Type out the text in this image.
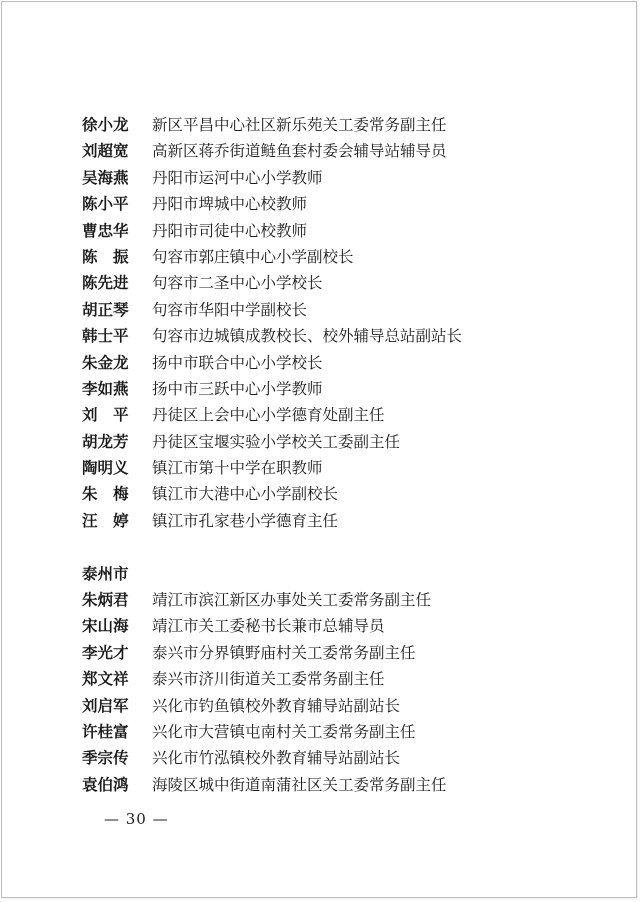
徐小龙	新区平昌中心社区新乐苑关工委常务副主任
刘超宽	高新区蒋乔街道鲢鱼套村委会辅导站辅导员
吴海燕	丹阳市运河中心小学教师
陈小平	丹阳市埤城中心校教师
曹忠华	丹阳市司徒中心校教师
陈　振	句容市郭庄镇中心小学副校长
陈先进	句容市二圣中心小学校长
胡正琴	句容市华阳中学副校长
韩士平	句容市边城镇成教校长、校外辅导总站副站长
朱金龙	扬中市联合中心小学校长
李如燕	扬中市三跃中心小学教师
刘　平	丹徒区上会中心小学德育处副主任
胡龙芳	丹徒区宝堰实验小学校关工委副主任
陶明义	镇江市第十中学在职教师
朱　梅	镇江市大港中心小学副校长
汪　婷	镇江市孔家巷小学德育主任
泰州市
朱炳君	靖江市滨江新区办事处关工委常务副主任
宋山海	靖江市关工委秘书长兼市总辅导员
李光才	泰兴市分界镇野庙村关工委常务副主任
郑文祥	泰兴市济川街道关工委常务副主任
刘启军	兴化市钓鱼镇校外教育辅导站副站长
许桂富	兴化市大营镇屯南村关工委常务副主任
季宗传	兴化市竹泓镇校外教育辅导站副站长
袁伯鸿	海陵区城中街道南蒲社区关工委常务副主任
— 30 —
